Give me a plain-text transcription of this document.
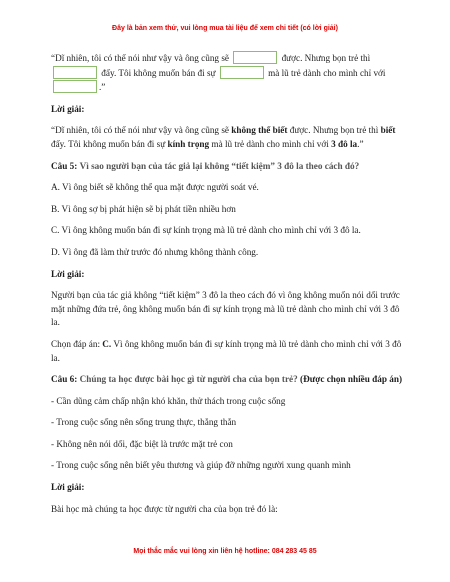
Đây là bản xem thử, vui lòng mua tài liệu để xem chi tiết (có lời giải)

“Dĩ nhiên, tôi có thể nói như vậy và ông cũng sẽ	được. Nhưng bọn trẻ thì  đấy. Tôi không muốn bán đi sự	mà lũ trẻ dành cho mình chỉ với .”

Lời giải:

“Dĩ nhiên, tôi có thể nói như vậy và ông cũng sẽ không thể biết được. Nhưng bọn trẻ thì biết đấy. Tôi không muốn bán đi sự kính trọng mà lũ trẻ dành cho mình chỉ với 3 đô la.”

Câu 5: Vì sao người bạn của tác giả lại không “tiết kiệm” 3 đô la theo cách đó?

A. Vì ông biết sẽ không thể qua mặt được người soát vé.

B. Vì ông sợ bị phát hiện sẽ bị phát tiền nhiều hơn

C. Vì ông không muốn bán đi sự kính trọng mà lũ trẻ dành cho mình chỉ với 3 đô la.

D. Vì ông đã làm thử trước đó nhưng không thành công.

Lời giải:

Người bạn của tác giả không “tiết kiệm” 3 đô la theo cách đó vì ông không muốn nói dối trước mặt những đứa trẻ, ông không muốn bán đi sự kính trọng mà lũ trẻ dành cho mình chỉ với 3 đô la.

Chọn đáp án: C. Vì ông không muốn bán đi sự kính trọng mà lũ trẻ dành cho mình chỉ với 3 đô la.

Câu 6: Chúng ta học được bài học gì từ người cha của bọn trẻ? (Được chọn nhiều đáp án)

- Cần dũng cảm chấp nhận khó khăn, thử thách trong cuộc sống

- Trong cuộc sống nên sống trung thực, thẳng thắn

- Không nên nói dối, đặc biệt là trước mặt trẻ con

- Trong cuộc sống nên biết yêu thương và giúp đỡ những người xung quanh mình

Lời giải:

Bài học mà chúng ta học được từ người cha của bọn trẻ đó là:

Mọi thắc mắc vui lòng xin liên hệ hotline: 084 283 45 85
